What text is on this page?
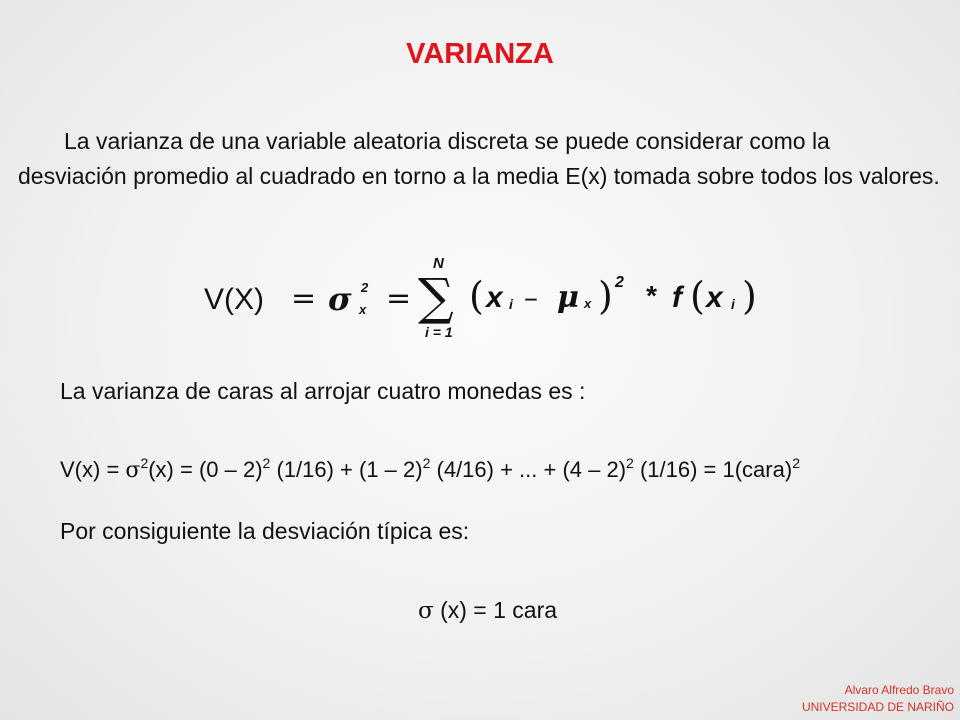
VARIANZA
La varianza de una variable aleatoria discreta se puede considerar como la desviación promedio al cuadrado en torno a la media E(x) tomada sobre todos los valores.
V(X) = σ 2
x =
N
∑
i = 1
( x i – μ x ) 2 * f ( x i )
La varianza de caras al arrojar cuatro monedas es :
$V(x) = \sigma^2(x) = (0 - 2)^2$ (1/16) + (1 – 2)$^2$ (4/16) + ... + (4 – 2)$^2$ (1/16) = 1(cara)$^2$
Por consiguiente la desviación típica es:
σ (x) = 1 cara
Alvaro Alfredo Bravo
UNIVERSIDAD DE NARIÑO
